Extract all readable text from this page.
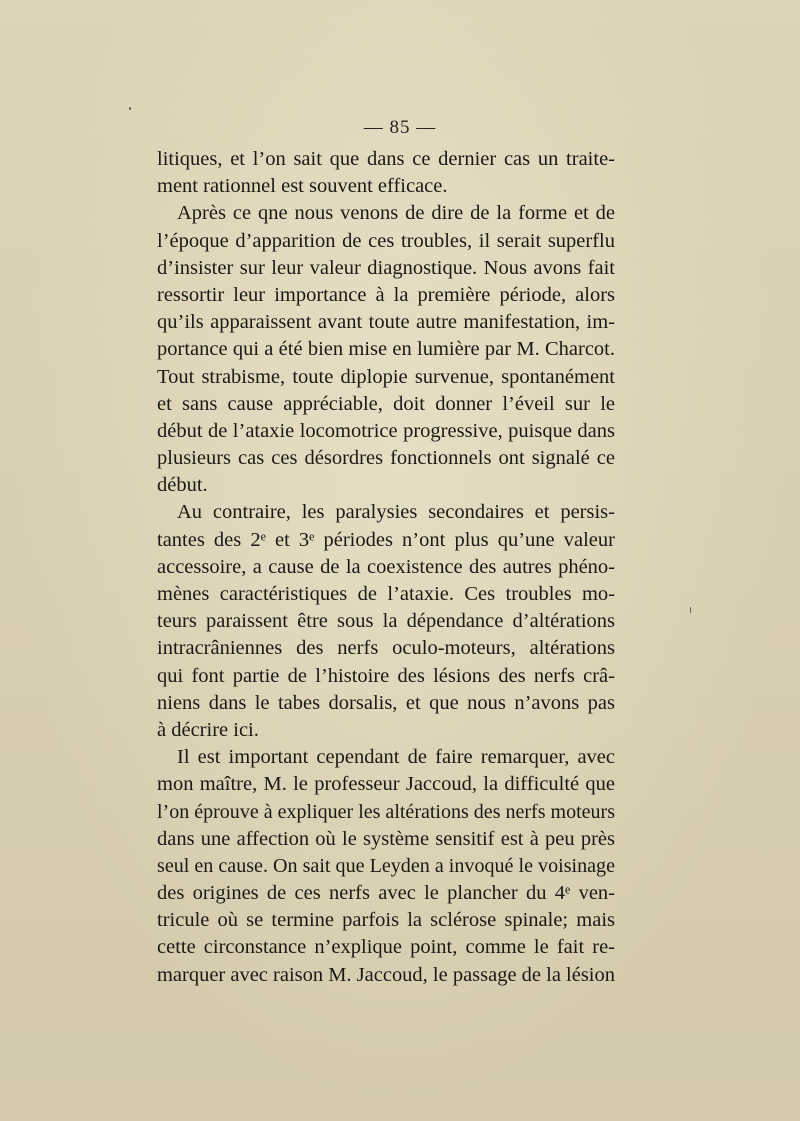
— 85 —
litiques, et l’on sait que dans ce dernier cas un traite-
ment rationnel est souvent efficace.
Après ce qne nous venons de dire de la forme et de
l’époque d’apparition de ces troubles, il serait superflu
d’insister sur leur valeur diagnostique. Nous avons fait
ressortir leur importance à la première période, alors
qu’ils apparaissent avant toute autre manifestation, im-
portance qui a été bien mise en lumière par M. Charcot.
Tout strabisme, toute diplopie survenue, spontanément
et sans cause appréciable, doit donner l’éveil sur le
début de l’ataxie locomotrice progressive, puisque dans
plusieurs cas ces désordres fonctionnels ont signalé ce
début.
Au contraire, les paralysies secondaires et persis-
tantes des 2ᵉ et 3ᵉ périodes n’ont plus qu’une valeur
accessoire, a cause de la coexistence des autres phéno-
mènes caractéristiques de l’ataxie. Ces troubles mo-
teurs paraissent être sous la dépendance d’altérations
intracrâniennes des nerfs oculo-moteurs, altérations
qui font partie de l’histoire des lésions des nerfs crâ-
niens dans le tabes dorsalis, et que nous n’avons pas
à décrire ici.
Il est important cependant de faire remarquer, avec
mon maître, M. le professeur Jaccoud, la difficulté que
l’on éprouve à expliquer les altérations des nerfs moteurs
dans une affection où le système sensitif est à peu près
seul en cause. On sait que Leyden a invoqué le voisinage
des origines de ces nerfs avec le plancher du 4ᵉ ven-
tricule où se termine parfois la sclérose spinale; mais
cette circonstance n’explique point, comme le fait re-
marquer avec raison M. Jaccoud, le passage de la lésion
